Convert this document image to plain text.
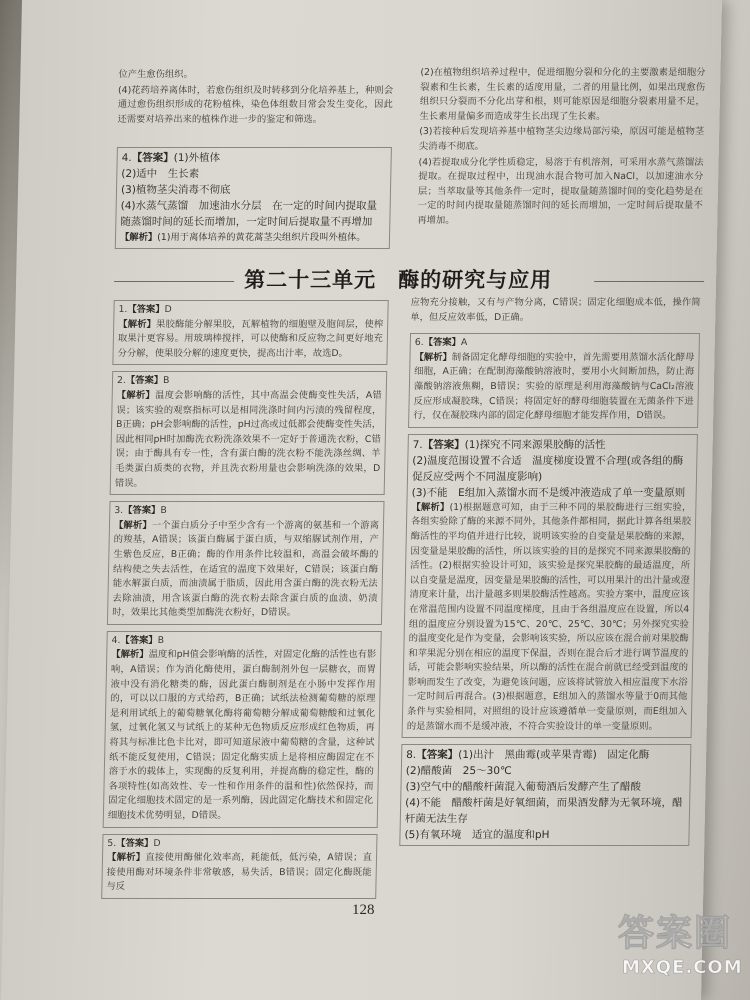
位产生愈伤组织。

(4)花药培养离体时，若愈伤组织及时转移到分化培养基上，种则会通过愈伤组织形成的花粉植株，染色体组数目常会发生变化，因此还需要对培养出来的植株作进一步的鉴定和筛选。

4.【答案】(1)外植体
(2)适中　生长素
(3)植物茎尖消毒不彻底
(4)水蒸气蒸馏　加速油水分层　在一定的时间内提取量随蒸馏时间的延长而增加，一定时间后提取量不再增加
【解析】(1)用于离体培养的黄花蒿茎尖组织片段叫外植体。

(2)在植物组织培养过程中，促进细胞分裂和分化的主要激素是细胞分裂素和生长素，生长素的适度用量，二者的用量比例，如果出现愈伤组织只分裂而不分化出芽和根，则可能原因是细胞分裂素用量不足，生长素用量偏多而造成芽生长出现了生长素。

(3)若接种后发现培养基中植物茎尖边缘局部污染，原因可能是植物茎尖消毒不彻底。

(4)若提取成分化学性质稳定，易溶于有机溶剂，可采用水蒸气蒸馏法提取。在提取过程中，出现油水混合物可加入NaCl，以加速油水分层；当萃取量等其他条件一定时，提取量随蒸馏时间的变化趋势是在一定的时间内提取量随蒸馏时间的延长而增加，一定时间后提取量不再增加。

第二十三单元　酶的研究与应用
1.【答案】D

【解析】果胶酶能分解果胶，瓦解植物的细胞壁及胞间层，使榨取果汁更容易。用玻璃棒搅拌，可以使酶和反应物之间更好地充分分解，使果胶分解的速度更快，提高出汁率，故选D。

2.【答案】B

【解析】温度会影响酶的活性，其中高温会使酶变性失活，A错误；该实验的观察指标可以是相同洗涤时间内污渍的残留程度，B正确；pH会影响酶的活性，pH过高或过低都会使酶变性失活，因此相同pH时加酶洗衣粉洗涤效果不一定好于普通洗衣粉，C错误；由于酶具有专一性，含有蛋白酶的洗衣粉不能洗涤丝绸、羊毛类蛋白质类的衣物，并且洗衣粉用量也会影响洗涤的效果，D错误。

3.【答案】B

【解析】一个蛋白质分子中至少含有一个游离的氨基和一个游离的羧基，A错误；该蛋白酶属于蛋白质，与双缩脲试剂作用，产生紫色反应，B正确；酶的作用条件比较温和，高温会破坏酶的结构使之失去活性，在适宜的温度下效果好，C错误；该蛋白酶能水解蛋白质，而油渍属于脂质，因此用含蛋白酶的洗衣粉无法去除油渍，用含该蛋白酶的洗衣粉去除含蛋白质的血渍、奶渍时，效果比其他类型加酶洗衣粉好，D错误。

4.【答案】B

【解析】温度和pH值会影响酶的活性，对固定化酶的活性也有影响，A错误；作为消化酶使用，蛋白酶制剂外包一层糖衣，而胃液中没有消化糖类的酶，因此蛋白酶制剂是在小肠中发挥作用的，可以以口服的方式给药，B正确；试纸法检测葡萄糖的原理是利用试纸上的葡萄糖氧化酶将葡萄糖分解成葡萄糖酸和过氧化氢，过氧化氢又与试纸上的某种无色物质反应形成红色物质，再将其与标准比色卡比对，即可知道尿液中葡萄糖的含量，这种试纸不能反复使用，C错误；固定化酶实质上是将相应酶固定在不溶于水的载体上，实现酶的反复利用，并提高酶的稳定性，酶的各项特性(如高效性、专一性和作用条件的温和性)依然保持，而固定化细胞技术固定的是一系列酶，因此固定化酶技术和固定化细胞技术优势明显，D错误。

5.【答案】D

【解析】直接使用酶催化效率高，耗能低，低污染，A错误；直接使用酶对环境条件非常敏感，易失活，B错误；固定化酶既能与反

应物充分接触，又有与产物分离，C错误；固定化细胞成本低，操作简单，但反应效率低，D正确。

6.【答案】A

【解析】制备固定化酵母细胞的实验中，首先需要用蒸馏水活化酵母细胞，A正确；在配制海藻酸钠溶液时，要用小火间断加热，防止海藻酸钠溶液焦糊，B错误；实验的原理是利用海藻酸钠与CaCl₂溶液反应形成凝胶珠，C错误；将固定好的酵母细胞装置在无菌条件下进行，仅在凝胶珠内部的固定化酵母细胞才能发挥作用，D错误。

7.【答案】(1)探究不同来源果胶酶的活性
(2)温度范围设置不合适　温度梯度设置不合理(或各组的酶促反应受两个不同温度影响)
(3)不能　E组加入蒸馏水而不是缓冲液造成了单一变量原则

【解析】(1)根据题意可知，由于三种不同的果胶酶进行三组实验，各组实验除了酶的来源不同外，其他条件都相同，据此计算各组果胶酶活性的平均值并进行比较，说明该实验的自变量是果胶酶的来源，因变量是果胶酶的活性，所以该实验的目的是探究不同来源果胶酶的活性。(2)根据实验设计可知，该实验是探究果胶酶的最适温度，所以自变量是温度，因变量是果胶酶的活性，可以用果汁的出汁量或澄清度来计量，出汁量越多则果胶酶活性越高。实验方案中，温度应该在常温范围内设置不同温度梯度，且由于各组温度应在设置，所以4组的温度应分别设置为15℃、20℃、25℃、30℃；另外探究实验的温度变化是作为变量，会影响该实验，所以应该在混合前对果胶酶和苹果泥分别在相应的温度下保温，否则在混合后才进行调节温度的话，可能会影响实验结果，所以酶的活性在混合前就已经受到温度的影响而发生了改变，为避免该问题，应该将试管放入相应温度下水浴一定时间后再混合。(3)根据题意，E组加入的蒸馏水等量于0而其他条件与实验相同，对照组的设计应该遵循单一变量原则，而E组加入的是蒸馏水而不是缓冲液，不符合实验设计的单一变量原则。

8.【答案】(1)出汁　黑曲霉(或苹果青霉)　固定化酶
(2)醋酸菌　25～30℃
(3)空气中的醋酸杆菌混入葡萄酒后发酵产生了醋酸
(4)不能　醋酸杆菌是好氧细菌，而果酒发酵为无氧环境，醋杆菌无法生存
(5)有氧环境　适宜的温度和pH
128
答案圈
MXQE.COM
